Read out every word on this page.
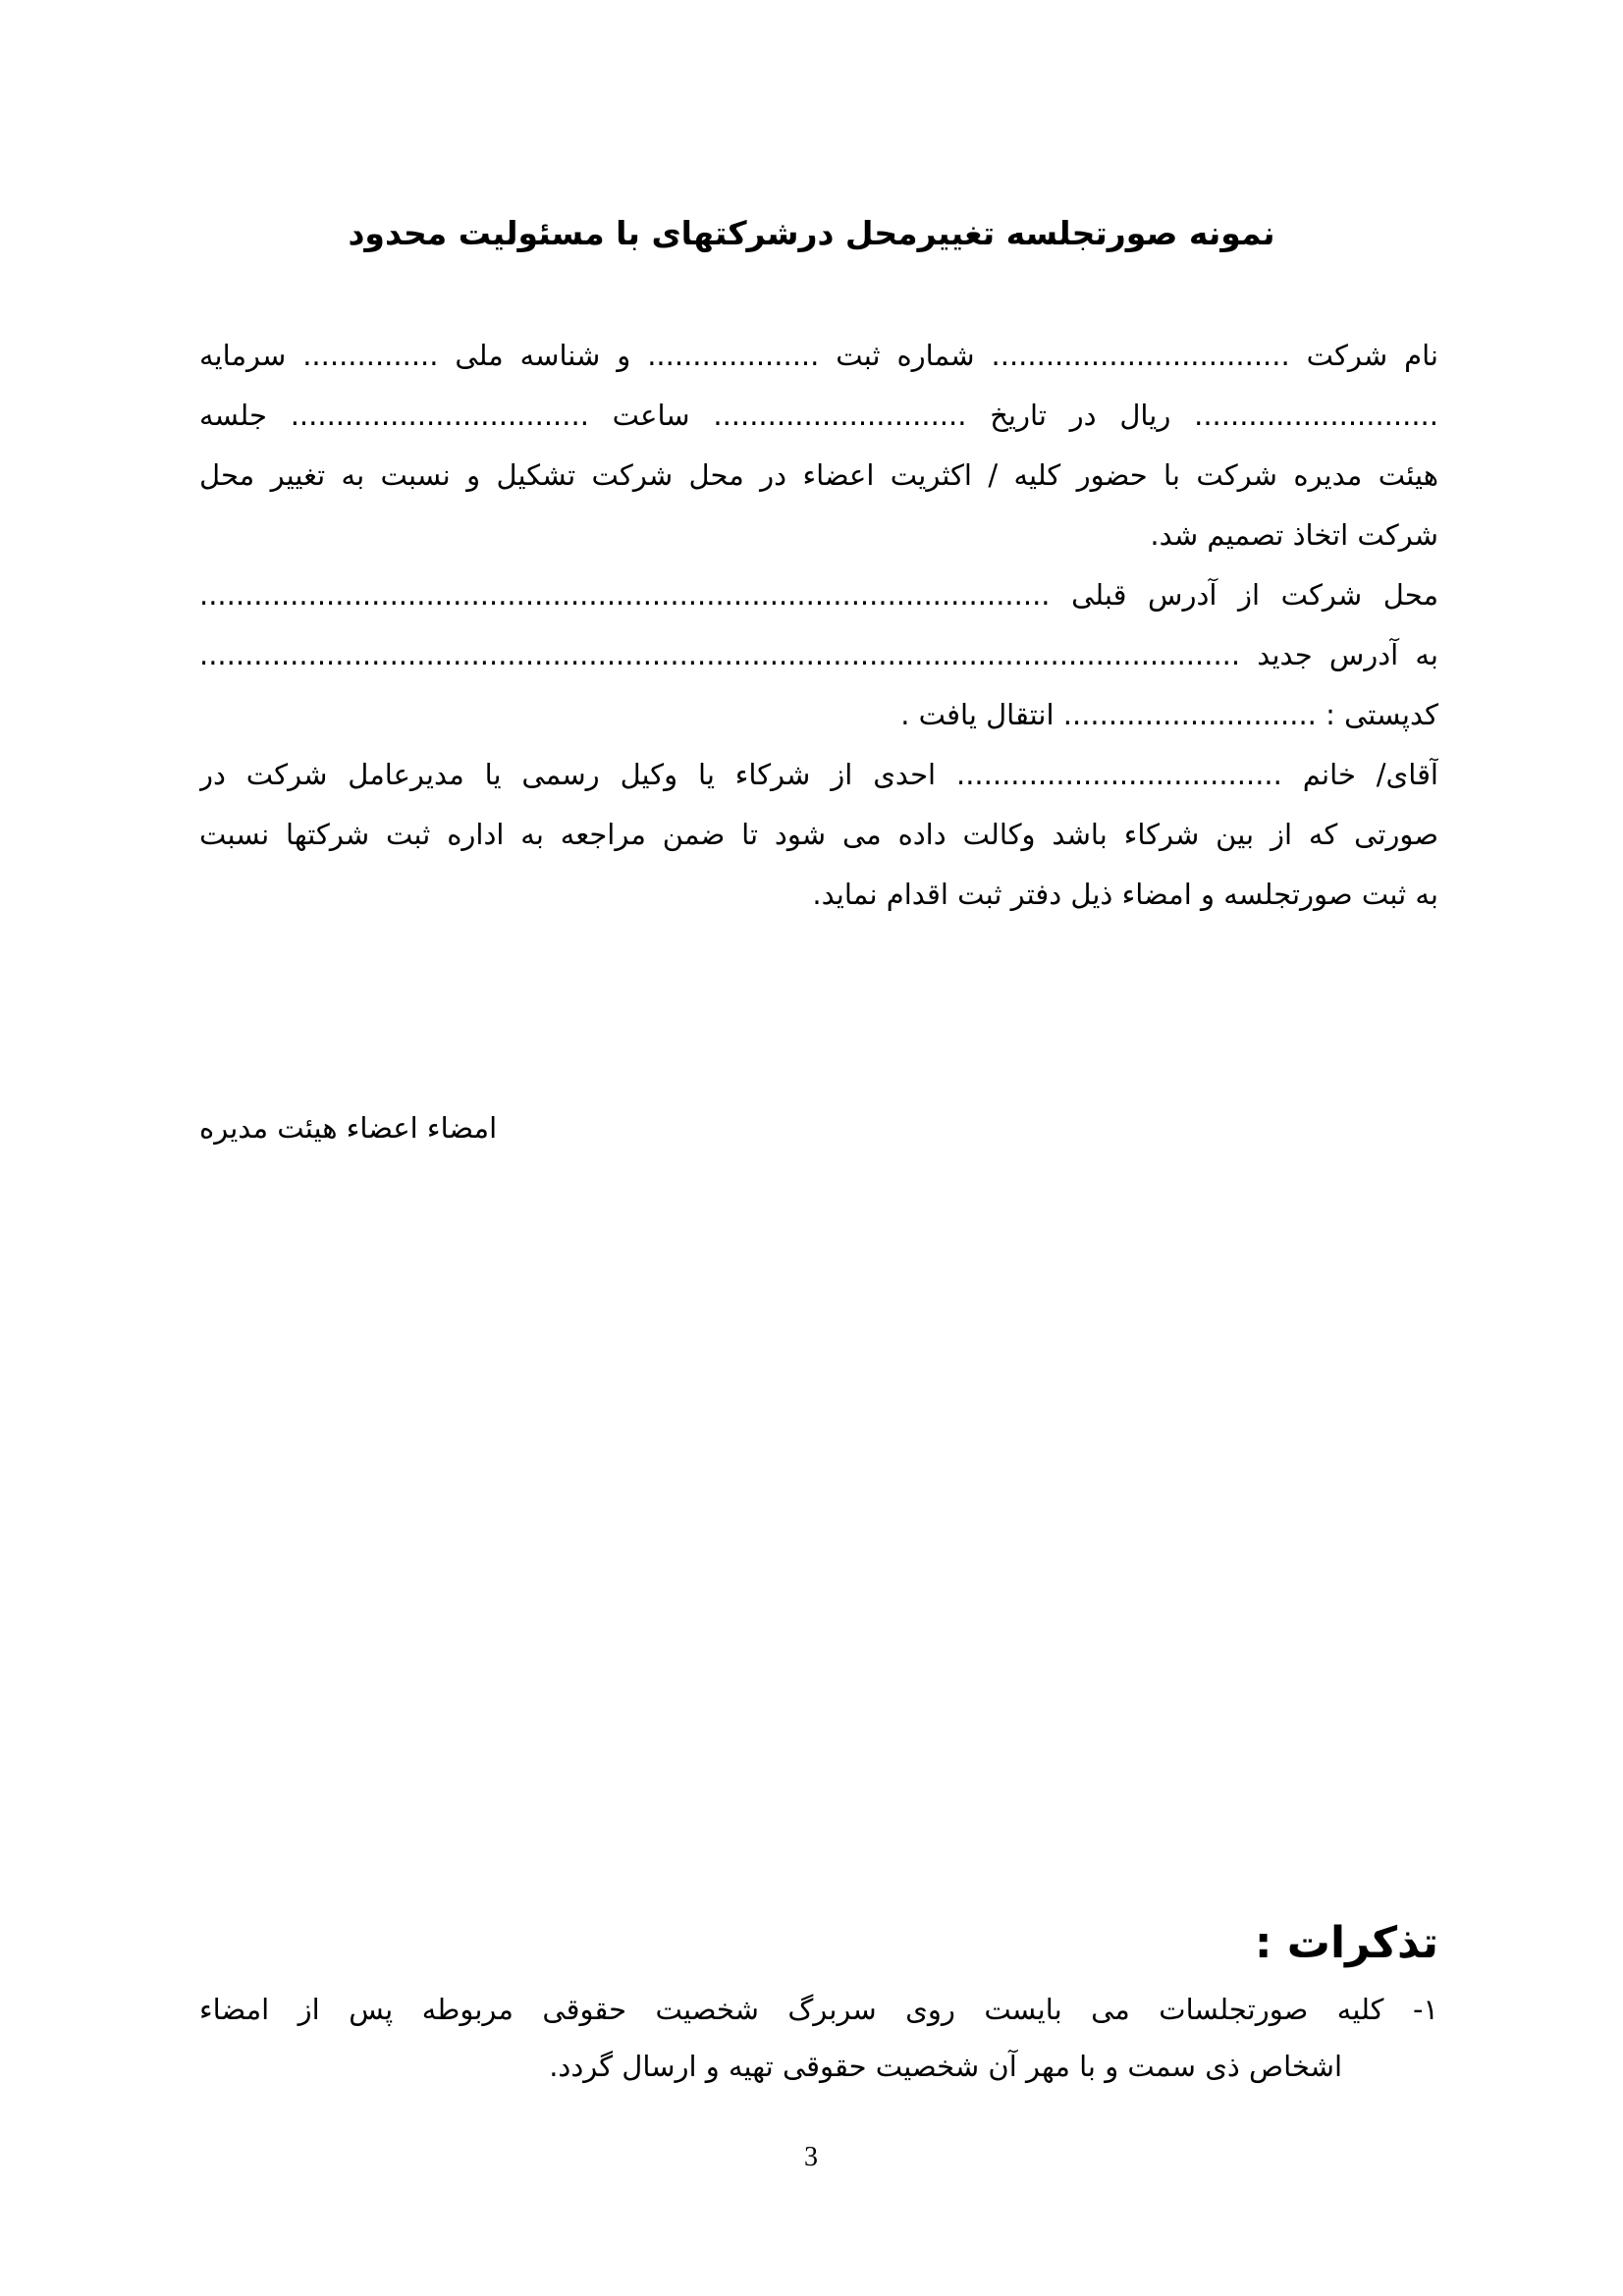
نمونه صورتجلسه تغییرمحل درشرکتهای با مسئولیت محدود
نام شرکت ................................. شماره ثبت ................... و شناسه ملی ............... سرمایه
........................... ریال در تاریخ ............................ ساعت ................................. جلسه
هیئت مدیره شرکت با حضور کلیه / اکثریت اعضاء در محل شرکت تشکیل و نسبت به تغییر محل
شرکت اتخاذ تصمیم شد.
محل شرکت از آدرس قبلی ..............................................................................................
به آدرس جدید ...................................................................................................................
کدپستی : ............................ انتقال یافت .
آقای/ خانم .................................... احدی از شرکاء یا وکیل رسمی یا مدیرعامل شرکت در
صورتی که از بین شرکاء باشد وکالت داده می شود تا ضمن مراجعه به اداره ثبت شرکتها نسبت
به ثبت صورتجلسه و امضاء ذیل دفتر ثبت اقدام نماید.
امضاء اعضاء هیئت مدیره
تذکرات :
۱- کلیه صورتجلسات می بایست روی سربرگ شخصیت حقوقی مربوطه پس از امضاء
اشخاص ذی سمت و با مهر آن شخصیت حقوقی تهیه و ارسال گردد.
3
